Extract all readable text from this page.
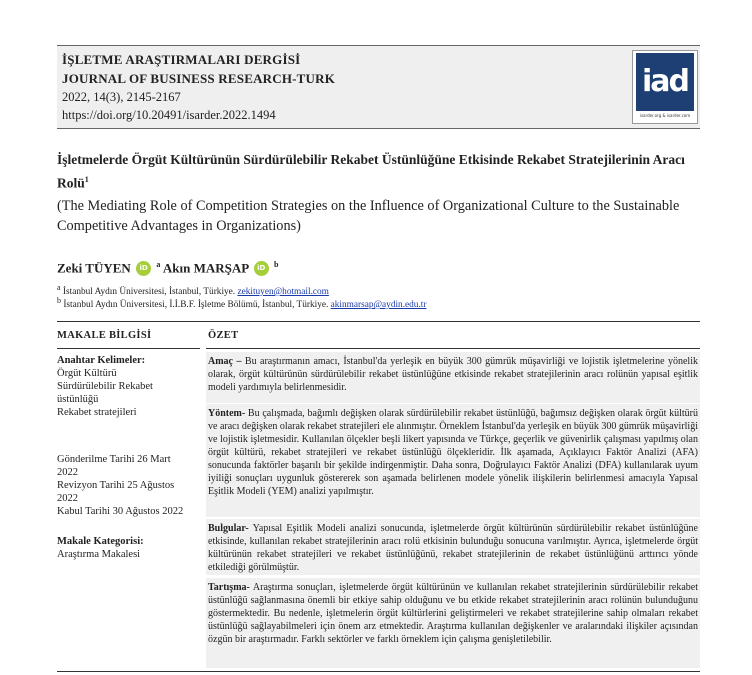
İŞLETME ARAŞTIRMALARI DERGİSİ
JOURNAL OF BUSINESS RESEARCH-TURK
2022, 14(3), 2145-2167
https://doi.org/10.20491/isarder.2022.1494
iad
isarder.org & isarder.com
İşletmelerde Örgüt Kültürünün Sürdürülebilir Rekabet Üstünlüğüne Etkisinde Rekabet Stratejilerinin Aracı Rolü$^1$
(The Mediating Role of Competition Strategies on the Influence of Organizational Culture to the Sustainable Competitive Advantages in Organizations)
Zeki TÜYEN iD $^a$ Akın MARŞAP iD $^b$
$^a$ İstanbul Aydın Üniversitesi, İstanbul, Türkiye. zekituyen@hotmail.com
$^b$ İstanbul Aydın Üniversitesi, İ.İ.B.F. İşletme Bölümü, İstanbul, Türkiye. akinmarsap@aydin.edu.tr
MAKALE BİLGİSİ	ÖZET
Anahtar Kelimeler:
Örgüt Kültürü
Sürdürülebilir Rekabet
üstünlüğü
Rekabet stratejileri
Gönderilme Tarihi 26 Mart
2022
Revizyon Tarihi 25 Ağustos
2022
Kabul Tarihi 30 Ağustos 2022
Makale Kategorisi:
Araştırma Makalesi
Amaç – Bu araştırmanın amacı, İstanbul'da yerleşik en büyük 300 gümrük müşavirliği ve lojistik işletmelerine yönelik olarak, örgüt kültürünün sürdürülebilir rekabet üstünlüğüne etkisinde rekabet stratejilerinin aracı rolünün yapısal eşitlik modeli yardımıyla belirlenmesidir.
Yöntem- Bu çalışmada, bağımlı değişken olarak sürdürülebilir rekabet üstünlüğü, bağımsız değişken olarak örgüt kültürü ve aracı değişken olarak rekabet stratejileri ele alınmıştır. Örneklem İstanbul'da yerleşik en büyük 300 gümrük müşavirliği ve lojistik işletmesidir. Kullanılan ölçekler beşli likert yapısında ve Türkçe, geçerlik ve güvenirlik çalışması yapılmış olan örgüt kültürü, rekabet stratejileri ve rekabet üstünlüğü ölçekleridir. İlk aşamada, Açıklayıcı Faktör Analizi (AFA) sonucunda faktörler başarılı bir şekilde indirgenmiştir. Daha sonra, Doğrulayıcı Faktör Analizi (DFA) kullanılarak uyum iyiliği sonuçları uygunluk göstererek son aşamada belirlenen modele yönelik ilişkilerin belirlenmesi amacıyla Yapısal Eşitlik Modeli (YEM) analizi yapılmıştır.
Bulgular- Yapısal Eşitlik Modeli analizi sonucunda, işletmelerde örgüt kültürünün sürdürülebilir rekabet üstünlüğüne etkisinde, kullanılan rekabet stratejilerinin aracı rolü etkisinin bulunduğu sonucuna varılmıştır. Ayrıca, işletmelerde örgüt kültürünün rekabet stratejileri ve rekabet üstünlüğünü, rekabet stratejilerinin de rekabet üstünlüğünü arttırıcı yönde etkilediği görülmüştür.
Tartışma- Araştırma sonuçları, işletmelerde örgüt kültürünün ve kullanılan rekabet stratejilerinin sürdürülebilir rekabet üstünlüğü sağlanmasına önemli bir etkiye sahip olduğunu ve bu etkide rekabet stratejilerinin aracı rolünün bulunduğunu göstermektedir. Bu nedenle, işletmelerin örgüt kültürlerini geliştirmeleri ve rekabet stratejilerine sahip olmaları rekabet üstünlüğü sağlayabilmeleri için önem arz etmektedir. Araştırma kullanılan değişkenler ve aralarındaki ilişkiler açısından özgün bir araştırmadır. Farklı sektörler ve farklı örneklem için çalışma genişletilebilir.
